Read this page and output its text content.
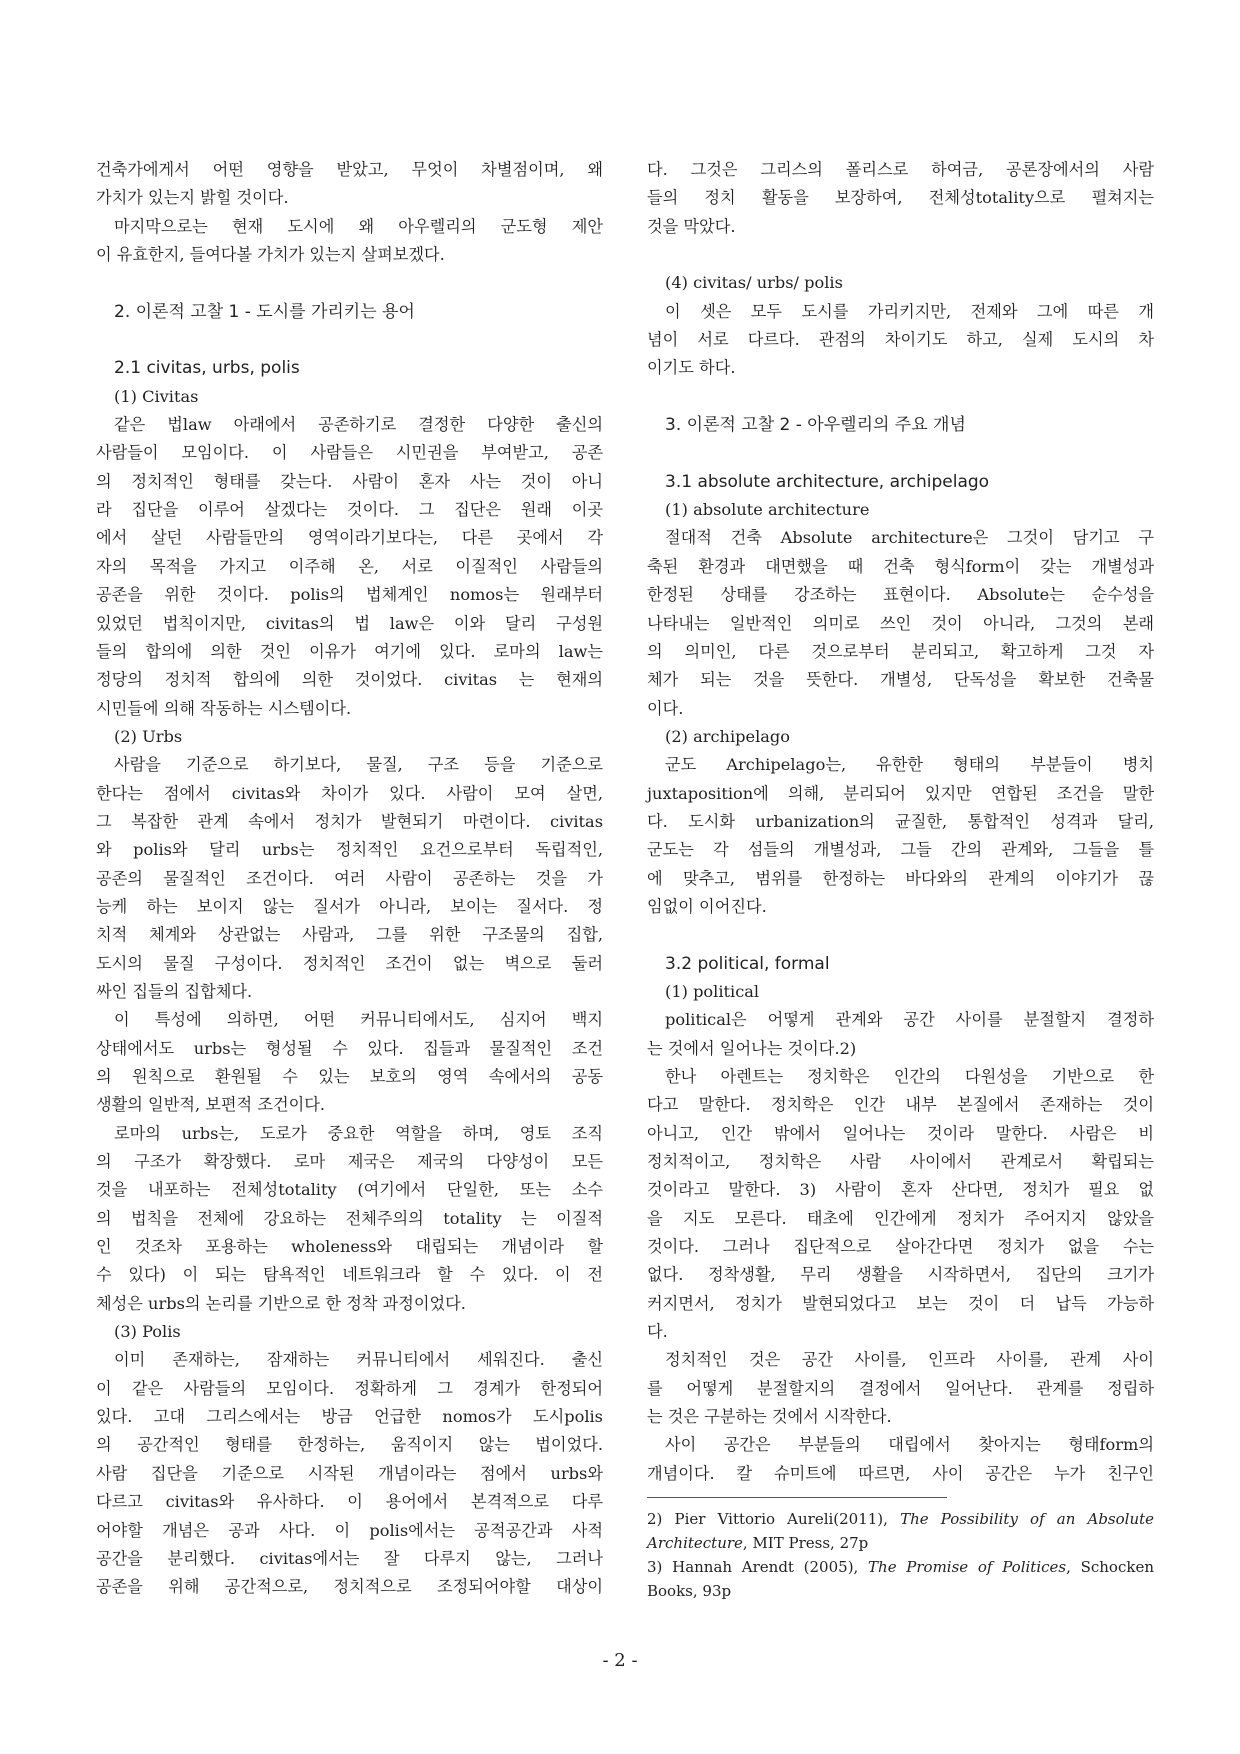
건축가에게서 어떤 영향을 받았고, 무엇이 차별점이며, 왜
가치가 있는지 밝힐 것이다.
마지막으로는 현재 도시에 왜 아우렐리의 군도형 제안
이 유효한지, 들여다볼 가치가 있는지 살펴보겠다.
2. 이론적 고찰 1 - 도시를 가리키는 용어
2.1 civitas, urbs, polis
(1) Civitas
같은 법law 아래에서 공존하기로 결정한 다양한 출신의
사람들이 모임이다. 이 사람들은 시민권을 부여받고, 공존
의 정치적인 형태를 갖는다. 사람이 혼자 사는 것이 아니
라 집단을 이루어 살겠다는 것이다. 그 집단은 원래 이곳
에서 살던 사람들만의 영역이라기보다는, 다른 곳에서 각
자의 목적을 가지고 이주해 온, 서로 이질적인 사람들의
공존을 위한 것이다. polis의 법체계인 nomos는 원래부터
있었던 법칙이지만, civitas의 법 law은 이와 달리 구성원
들의 합의에 의한 것인 이유가 여기에 있다. 로마의 law는
정당의 정치적 합의에 의한 것이었다. civitas 는 현재의
시민들에 의해 작동하는 시스템이다.
(2) Urbs
사람을 기준으로 하기보다, 물질, 구조 등을 기준으로
한다는 점에서 civitas와 차이가 있다. 사람이 모여 살면,
그 복잡한 관계 속에서 정치가 발현되기 마련이다. civitas
와 polis와 달리 urbs는 정치적인 요건으로부터 독립적인,
공존의 물질적인 조건이다. 여러 사람이 공존하는 것을 가
능케 하는 보이지 않는 질서가 아니라, 보이는 질서다. 정
치적 체계와 상관없는 사람과, 그를 위한 구조물의 집합,
도시의 물질 구성이다. 정치적인 조건이 없는 벽으로 둘러
싸인 집들의 집합체다.
이 특성에 의하면, 어떤 커뮤니티에서도, 심지어 백지
상태에서도 urbs는 형성될 수 있다. 집들과 물질적인 조건
의 원칙으로 환원될 수 있는 보호의 영역 속에서의 공동
생활의 일반적, 보편적 조건이다.
로마의 urbs는, 도로가 중요한 역할을 하며, 영토 조직
의 구조가 확장했다. 로마 제국은 제국의 다양성이 모든
것을 내포하는 전체성totality (여기에서 단일한, 또는 소수
의 법칙을 전체에 강요하는 전체주의의 totality 는 이질적
인 것조차 포용하는 wholeness와 대립되는 개념이라 할
수 있다) 이 되는 탐욕적인 네트워크라 할 수 있다. 이 전
체성은 urbs의 논리를 기반으로 한 정착 과정이었다.
(3) Polis
이미 존재하는, 잠재하는 커뮤니티에서 세워진다. 출신
이 같은 사람들의 모임이다. 정확하게 그 경계가 한정되어
있다. 고대 그리스에서는 방금 언급한 nomos가 도시polis
의 공간적인 형태를 한정하는, 움직이지 않는 법이었다.
사람 집단을 기준으로 시작된 개념이라는 점에서 urbs와
다르고 civitas와 유사하다. 이 용어에서 본격적으로 다루
어야할 개념은 공과 사다. 이 polis에서는 공적공간과 사적
공간을 분리했다. civitas에서는 잘 다루지 않는, 그러나
공존을 위해 공간적으로, 정치적으로 조정되어야할 대상이
다. 그것은 그리스의 폴리스로 하여금, 공론장에서의 사람
들의 정치 활동을 보장하여, 전체성totality으로 펼쳐지는
것을 막았다.
(4) civitas/ urbs/ polis
이 셋은 모두 도시를 가리키지만, 전제와 그에 따른 개
념이 서로 다르다. 관점의 차이기도 하고, 실제 도시의 차
이기도 하다.
3. 이론적 고찰 2 - 아우렐리의 주요 개념
3.1 absolute architecture, archipelago
(1) absolute architecture
절대적 건축 Absolute architecture은 그것이 담기고 구
축된 환경과 대면했을 때 건축 형식form이 갖는 개별성과
한정된 상태를 강조하는 표현이다. Absolute는 순수성을
나타내는 일반적인 의미로 쓰인 것이 아니라, 그것의 본래
의 의미인, 다른 것으로부터 분리되고, 확고하게 그것 자
체가 되는 것을 뜻한다. 개별성, 단독성을 확보한 건축물
이다.
(2) archipelago
군도 Archipelago는, 유한한 형태의 부분들이 병치
juxtaposition에 의해, 분리되어 있지만 연합된 조건을 말한
다. 도시화 urbanization의 균질한, 통합적인 성격과 달리,
군도는 각 섬들의 개별성과, 그들 간의 관계와, 그들을 틀
에 맞추고, 범위를 한정하는 바다와의 관계의 이야기가 끊
임없이 이어진다.
3.2 political, formal
(1) political
political은 어떻게 관계와 공간 사이를 분절할지 결정하
는 것에서 일어나는 것이다.2)
한나 아렌트는 정치학은 인간의 다원성을 기반으로 한
다고 말한다. 정치학은 인간 내부 본질에서 존재하는 것이
아니고, 인간 밖에서 일어나는 것이라 말한다. 사람은 비
정치적이고, 정치학은 사람 사이에서 관계로서 확립되는
것이라고 말한다. 3) 사람이 혼자 산다면, 정치가 필요 없
을 지도 모른다. 태초에 인간에게 정치가 주어지지 않았을
것이다. 그러나 집단적으로 살아간다면 정치가 없을 수는
없다. 정착생활, 무리 생활을 시작하면서, 집단의 크기가
커지면서, 정치가 발현되었다고 보는 것이 더 납득 가능하
다.
정치적인 것은 공간 사이를, 인프라 사이를, 관계 사이
를 어떻게 분절할지의 결정에서 일어난다. 관계를 정립하
는 것은 구분하는 것에서 시작한다.
사이 공간은 부분들의 대립에서 찾아지는 형태form의
개념이다. 칼 슈미트에 따르면, 사이 공간은 누가 친구인
2) Pier Vittorio Aureli(2011), The Possibility of an Absolute
Architecture, MIT Press, 27p
3) Hannah Arendt (2005), The Promise of Politices, Schocken
Books, 93p
- 2 -
